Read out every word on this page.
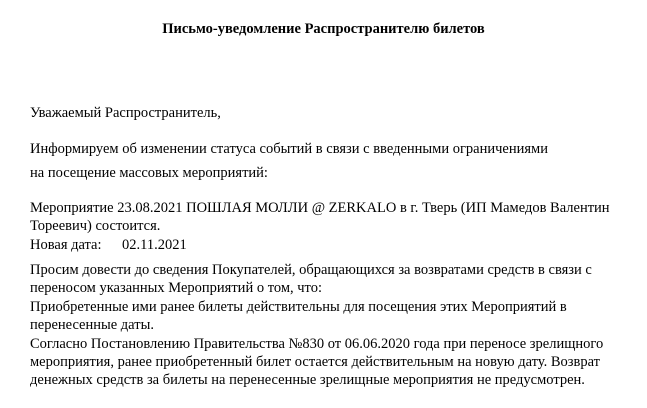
Письмо-уведомление Распространителю билетов
Уважаемый Распространитель,
Информируем об изменении статуса событий в связи с введенными ограничениями
на посещение массовых мероприятий:
Мероприятие 23.08.2021 ПОШЛАЯ МОЛЛИ @ ZERKALO в г. Тверь (ИП Мамедов Валентин Тореевич) состоится.
Новая дата: 02.11.2021
Просим довести до сведения Покупателей, обращающихся за возвратами средств в связи с переносом указанных Мероприятий о том, что:
Приобретенные ими ранее билеты действительны для посещения этих Мероприятий в перенесенные даты.
Согласно Постановлению Правительства №830 от 06.06.2020 года при переносе зрелищного мероприятия, ранее приобретенный билет остается действительным на новую дату. Возврат денежных средств за билеты на перенесенные зрелищные мероприятия не предусмотрен.
